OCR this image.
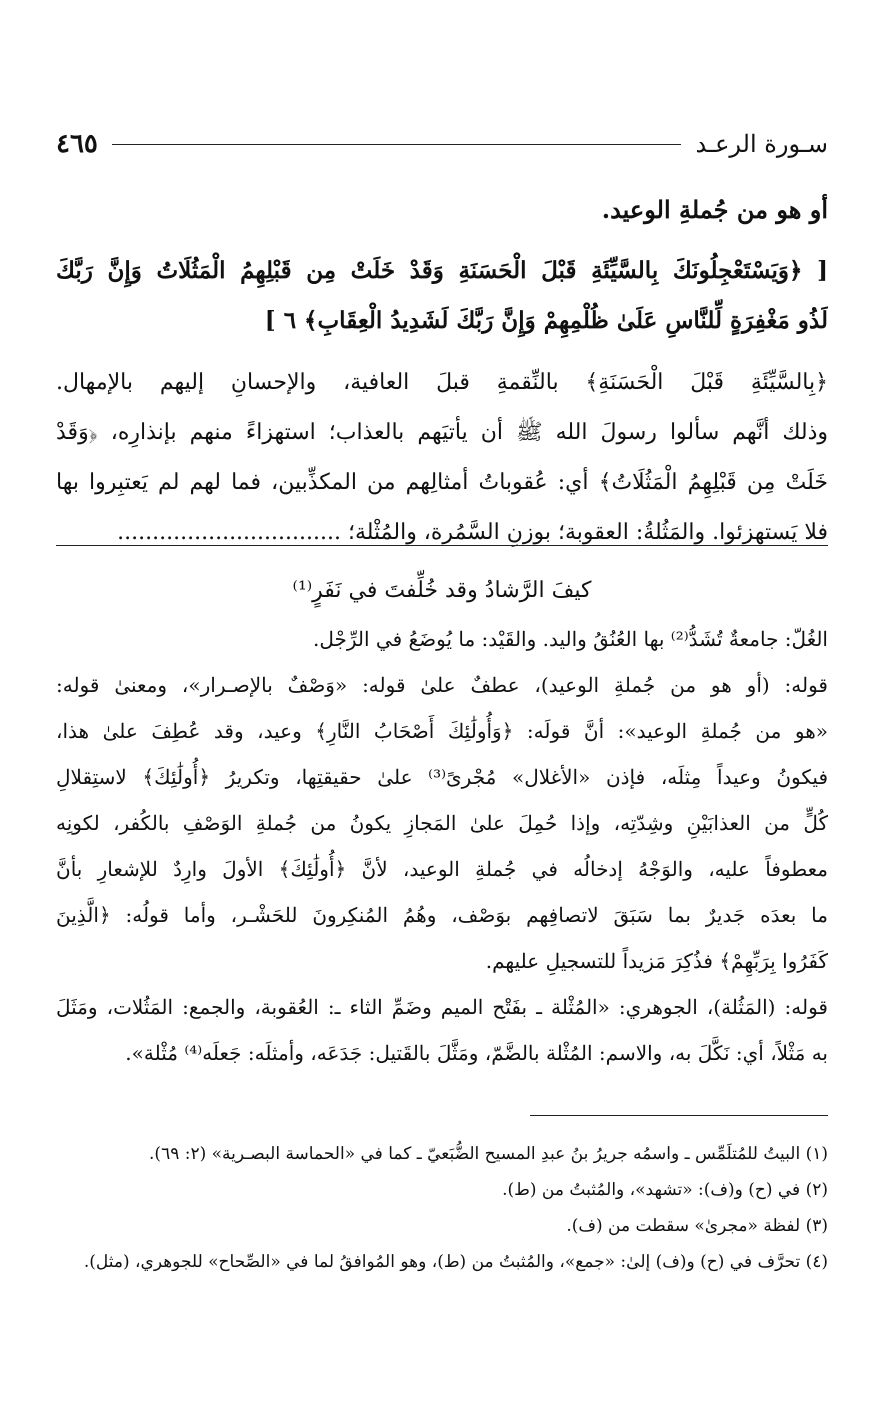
سـورة الرعـد
٤٦٥
أو هو من جُملةِ الوعيد.
[ ﴿وَيَسْتَعْجِلُونَكَ بِالسَّيِّئَةِ قَبْلَ الْحَسَنَةِ وَقَدْ خَلَتْ مِن قَبْلِهِمُ الْمَثُلَاتُ وَإِنَّ رَبَّكَ
لَذُو مَغْفِرَةٍ لِّلنَّاسِ عَلَىٰ ظُلْمِهِمْ وَإِنَّ رَبَّكَ لَشَدِيدُ الْعِقَابِ﴾ ٦ ]
﴿بِالسَّيِّئَةِ قَبْلَ الْحَسَنَةِ﴾ بالنِّقمةِ قبلَ العافية، والإحسانِ إليهم بالإمهال.
وذلك أنَّهم سألوا رسولَ الله ﷺ أن يأتيَهم بالعذاب؛ استهزاءً منهم بإنذارِه، ﴿وَقَدْ
خَلَتْ مِن قَبْلِهِمُ الْمَثُلَاتُ﴾ أي: عُقوباتُ أمثالِهم من المكذِّبين، فما لهم لم يَعتبِروا بها
فلا يَستهزئوا. والمَثُلةُ: العقوبة؛ بوزنِ السَّمُرة، والمُثْلة؛ ................................
كيفَ الرَّشادُ وقد خُلِّفتَ في نَفَرٍ⁽¹⁾
الغُلّ: جامعةٌ تُشَدُّ⁽²⁾ بها العُنُقُ واليد. والقَيْد: ما يُوضَعُ في الرِّجْل.
قوله: (أو هو من جُملةِ الوعيد)، عطفٌ علىٰ قوله: «وَصْفٌ بالإصـرار»، ومعنىٰ قوله:
«هو من جُملةِ الوعيد»: أنَّ قولَه: ﴿وَأُولَٰئِكَ أَصْحَابُ النَّارِ﴾ وعيد، وقد عُطِفَ علىٰ هذا،
فيكونُ وعيداً مِثلَه، فإذن «الأغلال» مُجْرىً⁽³⁾ علىٰ حقيقتِها، وتكريرُ ﴿أُولَٰئِكَ﴾ لاستِقلالِ
كُلٍّ من العذابَيْنِ وشِدّتِه، وإذا حُمِلَ علىٰ المَجازِ يكونُ من جُملةِ الوَصْفِ بالكُفر، لكونِه
معطوفاً عليه، والوَجْهُ إدخالُه في جُملةِ الوعيد، لأنَّ ﴿أُولَٰئِكَ﴾ الأولَ وارِدٌ للإشعارِ بأنَّ
ما بعدَه جَديرٌ بما سَبَقَ لاتصافِهم بوَصْف، وهُمُ المُنكِرونَ للحَشْـر، وأما قولُه: ﴿الَّذِينَ
كَفَرُوا بِرَبِّهِمْ﴾ فذُكِرَ مَزيداً للتسجيلِ عليهم.
قوله: (المَثُلة)، الجوهري: «المُثْلة ـ بفَتْح الميم وضَمِّ الثاء ـ: العُقوبة، والجمع: المَثُلات، ومَثَلَ
به مَثْلاً، أي: نَكَّلَ به، والاسم: المُثْلة بالضَّمّ، ومَثَّلَ بالقَتيل: جَدَعَه، وأمثلَه: جَعلَه⁽⁴⁾ مُثْلة».
(١) البيتُ للمُتلَمِّس ـ واسمُه جريرُ بنُ عبدِ المسيح الضُّبَعيّ ـ كما في «الحماسة البصـرية» (٢: ٦٩).
(٢) في (ح) و(ف): «تشهد»، والمُثبتُ من (ط).
(٣) لفظة «مجرىٰ» سقطت من (ف).
(٤) تحرَّف في (ح) و(ف) إلىٰ: «جمع»، والمُثبتُ من (ط)، وهو المُوافقُ لما في «الصِّحاح» للجوهري، (مثل).
